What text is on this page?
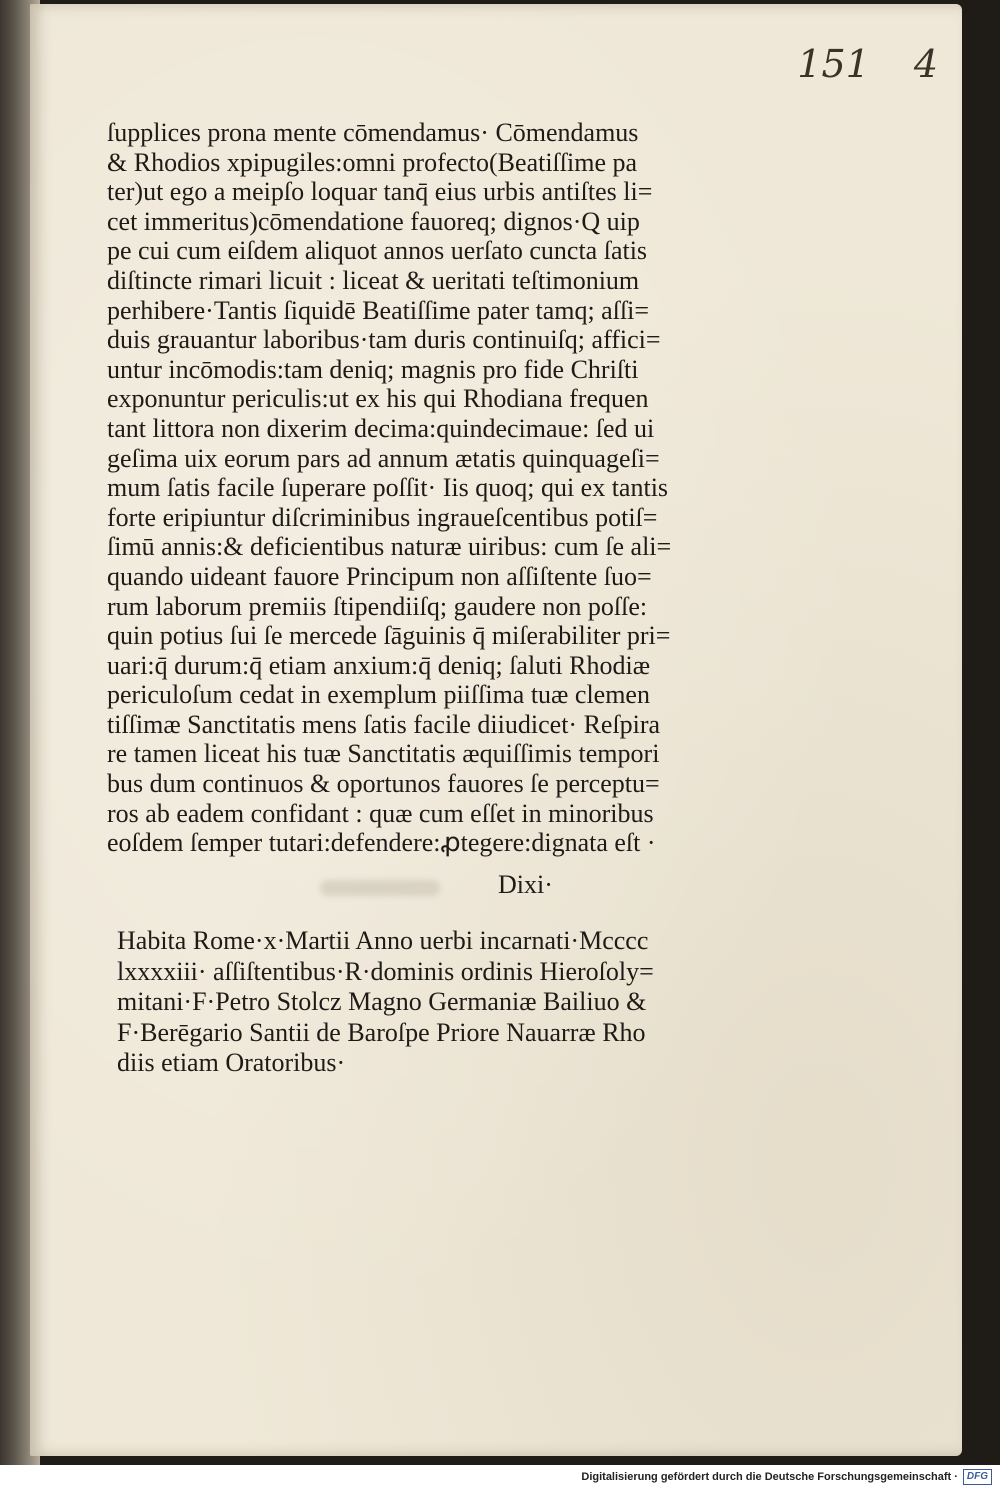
151 4
ſupplices prona mente cōmendamus· Cōmendamus
& Rhodios xpipugiles:omni profecto(Beatiſſime pa
ter)ut ego a meipſo loquar tanq̄ eius urbis antiſtes li=
cet immeritus)cōmendatione fauoreq; dignos·Q uip
pe cui cum eiſdem aliquot annos uerſato cuncta ſatis
diſtincte rimari licuit : liceat & ueritati teſtimonium
perhibere·Tantis ſiquidē Beatiſſime pater tamq; aſſi=
duis grauantur laboribus·tam duris continuiſq; affici=
untur incōmodis:tam deniq; magnis pro fide Chriſti
exponuntur periculis:ut ex his qui Rhodiana frequen
tant littora non dixerim decima:quindecimaue: ſed ui
geſima uix eorum pars ad annum ætatis quinquageſi=
mum ſatis facile ſuperare poſſit· Iis quoq; qui ex tantis
forte eripiuntur diſcriminibus ingraueſcentibus potiſ=
ſimū annis:& deficientibus naturæ uiribus: cum ſe ali=
quando uideant fauore Principum non aſſiſtente ſuo=
rum laborum premiis ſtipendiiſq; gaudere non poſſe:
quin potius ſui ſe mercede ſāguinis q̄ miſerabiliter pri=
uari:q̄ durum:q̄ etiam anxium:q̄ deniq; ſaluti Rhodiæ
periculoſum cedat in exemplum piiſſima tuæ clemen
tiſſimæ Sanctitatis mens ſatis facile diiudicet· Reſpira
re tamen liceat his tuæ Sanctitatis æquiſſimis tempori
bus dum continuos & oportunos fauores ſe perceptu=
ros ab eadem confidant : quæ cum eſſet in minoribus
eoſdem ſemper tutari:defendere:ꝓtegere:dignata eſt ·
Dixi·
Habita Rome·x·Martii Anno uerbi incarnati·Mcccc
lxxxxiii· aſſiſtentibus·R·dominis ordinis Hieroſoly=
mitani·F·Petro Stolcz Magno Germaniæ Bailiuo &
F·Berēgario Santii de Baroſpe Priore Nauarræ Rho
diis etiam Oratoribus·
Digitalisierung gefördert durch die Deutsche Forschungsgemeinschaft · DFG
